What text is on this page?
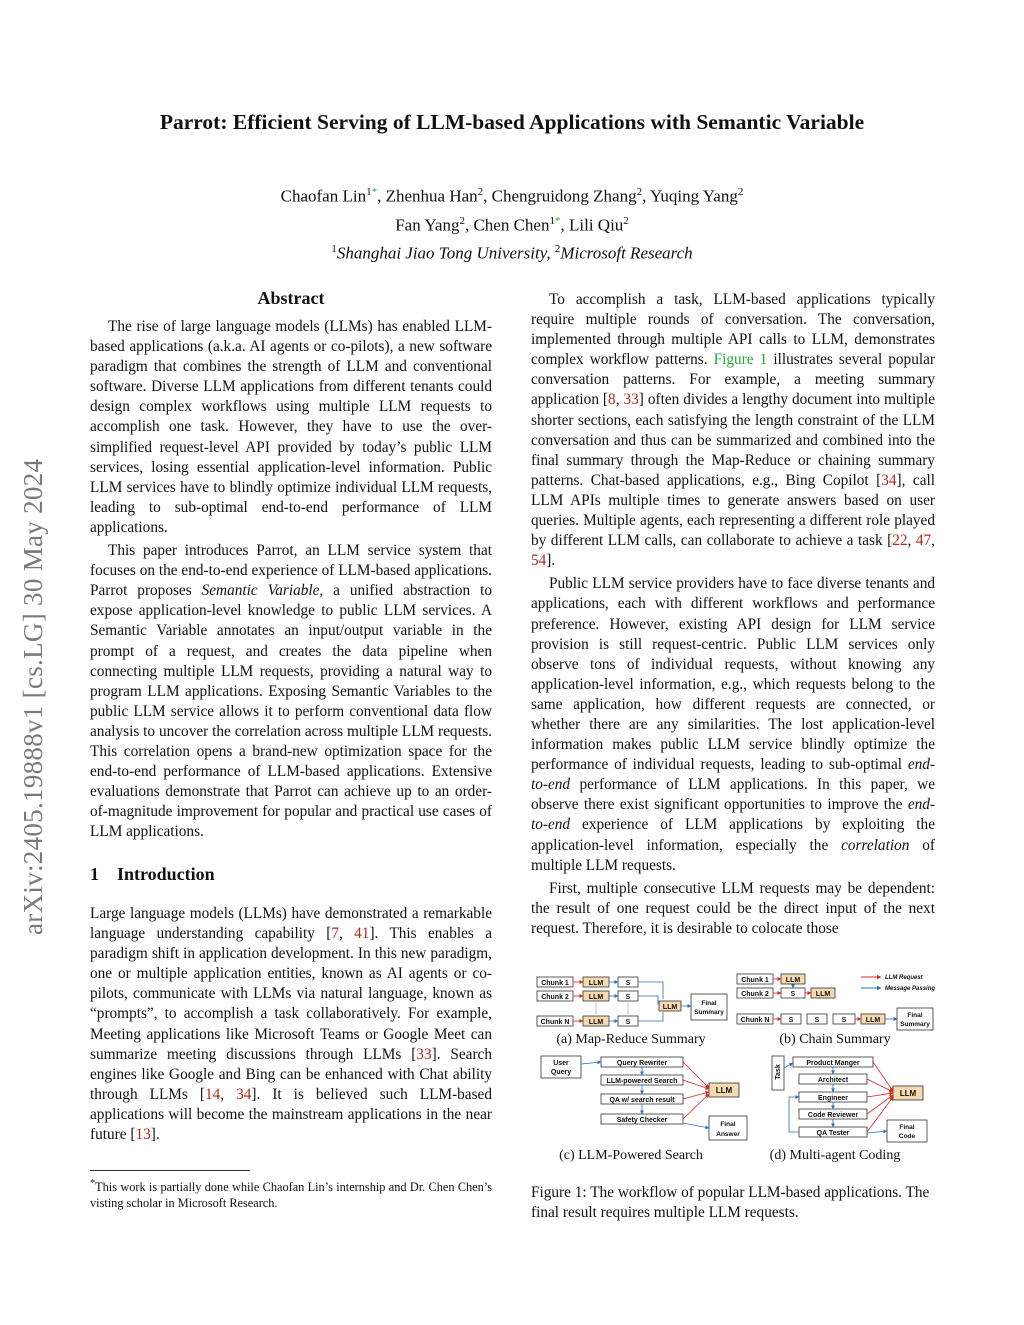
arXiv:2405.19888v1 [cs.LG] 30 May 2024
Parrot: Efficient Serving of LLM-based Applications with Semantic Variable
Chaofan Lin$^{1*}$, Zhenhua Han$^2$, Chengruidong Zhang$^2$, Yuqing Yang$^2$
Fan Yang$^2$, Chen Chen$^{1*}$, Lili Qiu$^2$
$^1$Shanghai Jiao Tong University, $^2$Microsoft Research
Abstract

The rise of large language models (LLMs) has enabled LLM-based applications (a.k.a. AI agents or co-pilots), a new software paradigm that combines the strength of LLM and conventional software. Diverse LLM applications from different tenants could design complex workflows using multiple LLM requests to accomplish one task. However, they have to use the over-simplified request-level API provided by today’s public LLM services, losing essential application-level information. Public LLM services have to blindly optimize individual LLM requests, leading to sub-optimal end-to-end performance of LLM applications.

This paper introduces Parrot, an LLM service system that focuses on the end-to-end experience of LLM-based applications. Parrot proposes Semantic Variable, a unified abstraction to expose application-level knowledge to public LLM services. A Semantic Variable annotates an input/output variable in the prompt of a request, and creates the data pipeline when connecting multiple LLM requests, providing a natural way to program LLM applications. Exposing Semantic Variables to the public LLM service allows it to perform conventional data flow analysis to uncover the correlation across multiple LLM requests. This correlation opens a brand-new optimization space for the end-to-end performance of LLM-based applications. Extensive evaluations demonstrate that Parrot can achieve up to an order-of-magnitude improvement for popular and practical use cases of LLM applications.

1 Introduction

Large language models (LLMs) have demonstrated a remarkable language understanding capability [7, 41]. This enables a paradigm shift in application development. In this new paradigm, one or multiple application entities, known as AI agents or co-pilots, communicate with LLMs via natural language, known as “prompts”, to accomplish a task collaboratively. For example, Meeting applications like Microsoft Teams or Google Meet can summarize meeting discussions through LLMs [33]. Search engines like Google and Bing can be enhanced with Chat ability through LLMs [14, 34]. It is believed such LLM-based applications will become the mainstream applications in the near future [13].

*This work is partially done while Chaofan Lin’s internship and Dr. Chen Chen’s visting scholar in Microsoft Research.

To accomplish a task, LLM-based applications typically require multiple rounds of conversation. The conversation, implemented through multiple API calls to LLM, demonstrates complex workflow patterns. Figure 1 illustrates several popular conversation patterns. For example, a meeting summary application [8, 33] often divides a lengthy document into multiple shorter sections, each satisfying the length constraint of the LLM conversation and thus can be summarized and combined into the final summary through the Map-Reduce or chaining summary patterns. Chat-based applications, e.g., Bing Copilot [34], call LLM APIs multiple times to generate answers based on user queries. Multiple agents, each representing a different role played by different LLM calls, can collaborate to achieve a task [22, 47, 54].

Public LLM service providers have to face diverse tenants and applications, each with different workflows and performance preference. However, existing API design for LLM service provision is still request-centric. Public LLM services only observe tons of individual requests, without knowing any application-level information, e.g., which requests belong to the same application, how different requests are connected, or whether there are any similarities. The lost application-level information makes public LLM service blindly optimize the performance of individual requests, leading to sub-optimal end-to-end performance of LLM applications. In this paper, we observe there exist significant opportunities to improve the end-to-end experience of LLM applications by exploiting the application-level information, especially the correlation of multiple LLM requests.

First, multiple consecutive LLM requests may be dependent: the result of one request could be the direct input of the next request. Therefore, it is desirable to colocate those

Chunk 1
Chunk 2
Chunk N
LLM
LLM
LLM
S
S
S
LLM
Final
Summary
Chunk 1
Chunk 2
Chunk N
LLM
S	LLM
S	S	S	LLM
Final
Summary
LLM Request
Message Passing
User
Query
Query Rewriter
LLM-powered Search
QA w/ search result
Safety Checker
LLM
Final
Answer
Task
Product Manger
Architect
Engineer
Code Reviewer
QA Tester
LLM
Final
Code
(a) Map-Reduce Summary	(b) Chain Summary
(c) LLM-Powered Search	(d) Multi-agent Coding
Figure 1: The workflow of popular LLM-based applications. The final result requires multiple LLM requests.
